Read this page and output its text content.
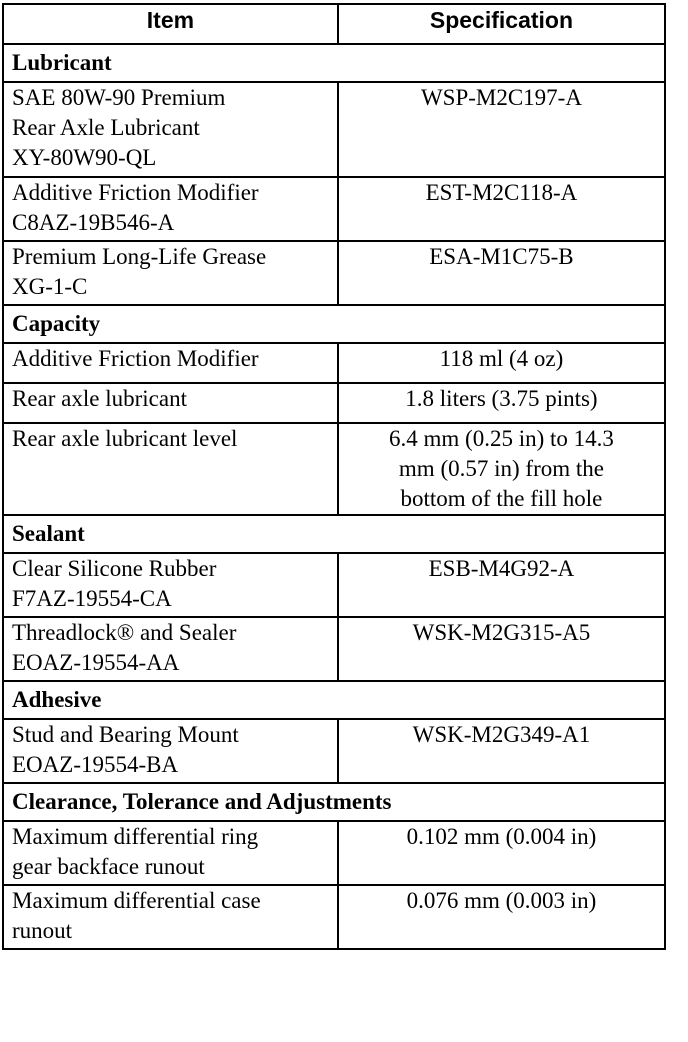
Item	Specification
Lubricant	

SAE 80W-90 Premium
Rear Axle Lubricant
XY-80W90-QL	WSP-M2C197-A

Additive Friction Modifier
C8AZ-19B546-A	EST-M2C118-A

Premium Long-Life Grease
XG-1-C	ESA-M1C75-B
Capacity	

Additive Friction Modifier	118 ml (4 oz)

Rear axle lubricant	1.8 liters (3.75 pints)

Rear axle lubricant level	6.4 mm (0.25 in) to 14.3
mm (0.57 in) from the
bottom of the fill hole

Sealant	

Clear Silicone Rubber
F7AZ-19554-CA	ESB-M4G92-A

Threadlock® and Sealer
EOAZ-19554-AA	WSK-M2G315-A5
Adhesive	

Stud and Bearing Mount
EOAZ-19554-BA	WSK-M2G349-A1
Clearance, Tolerance and Adjustments	

Maximum differential ring
gear backface runout	0.102 mm (0.004 in)

Maximum differential case
runout	0.076 mm (0.003 in)
